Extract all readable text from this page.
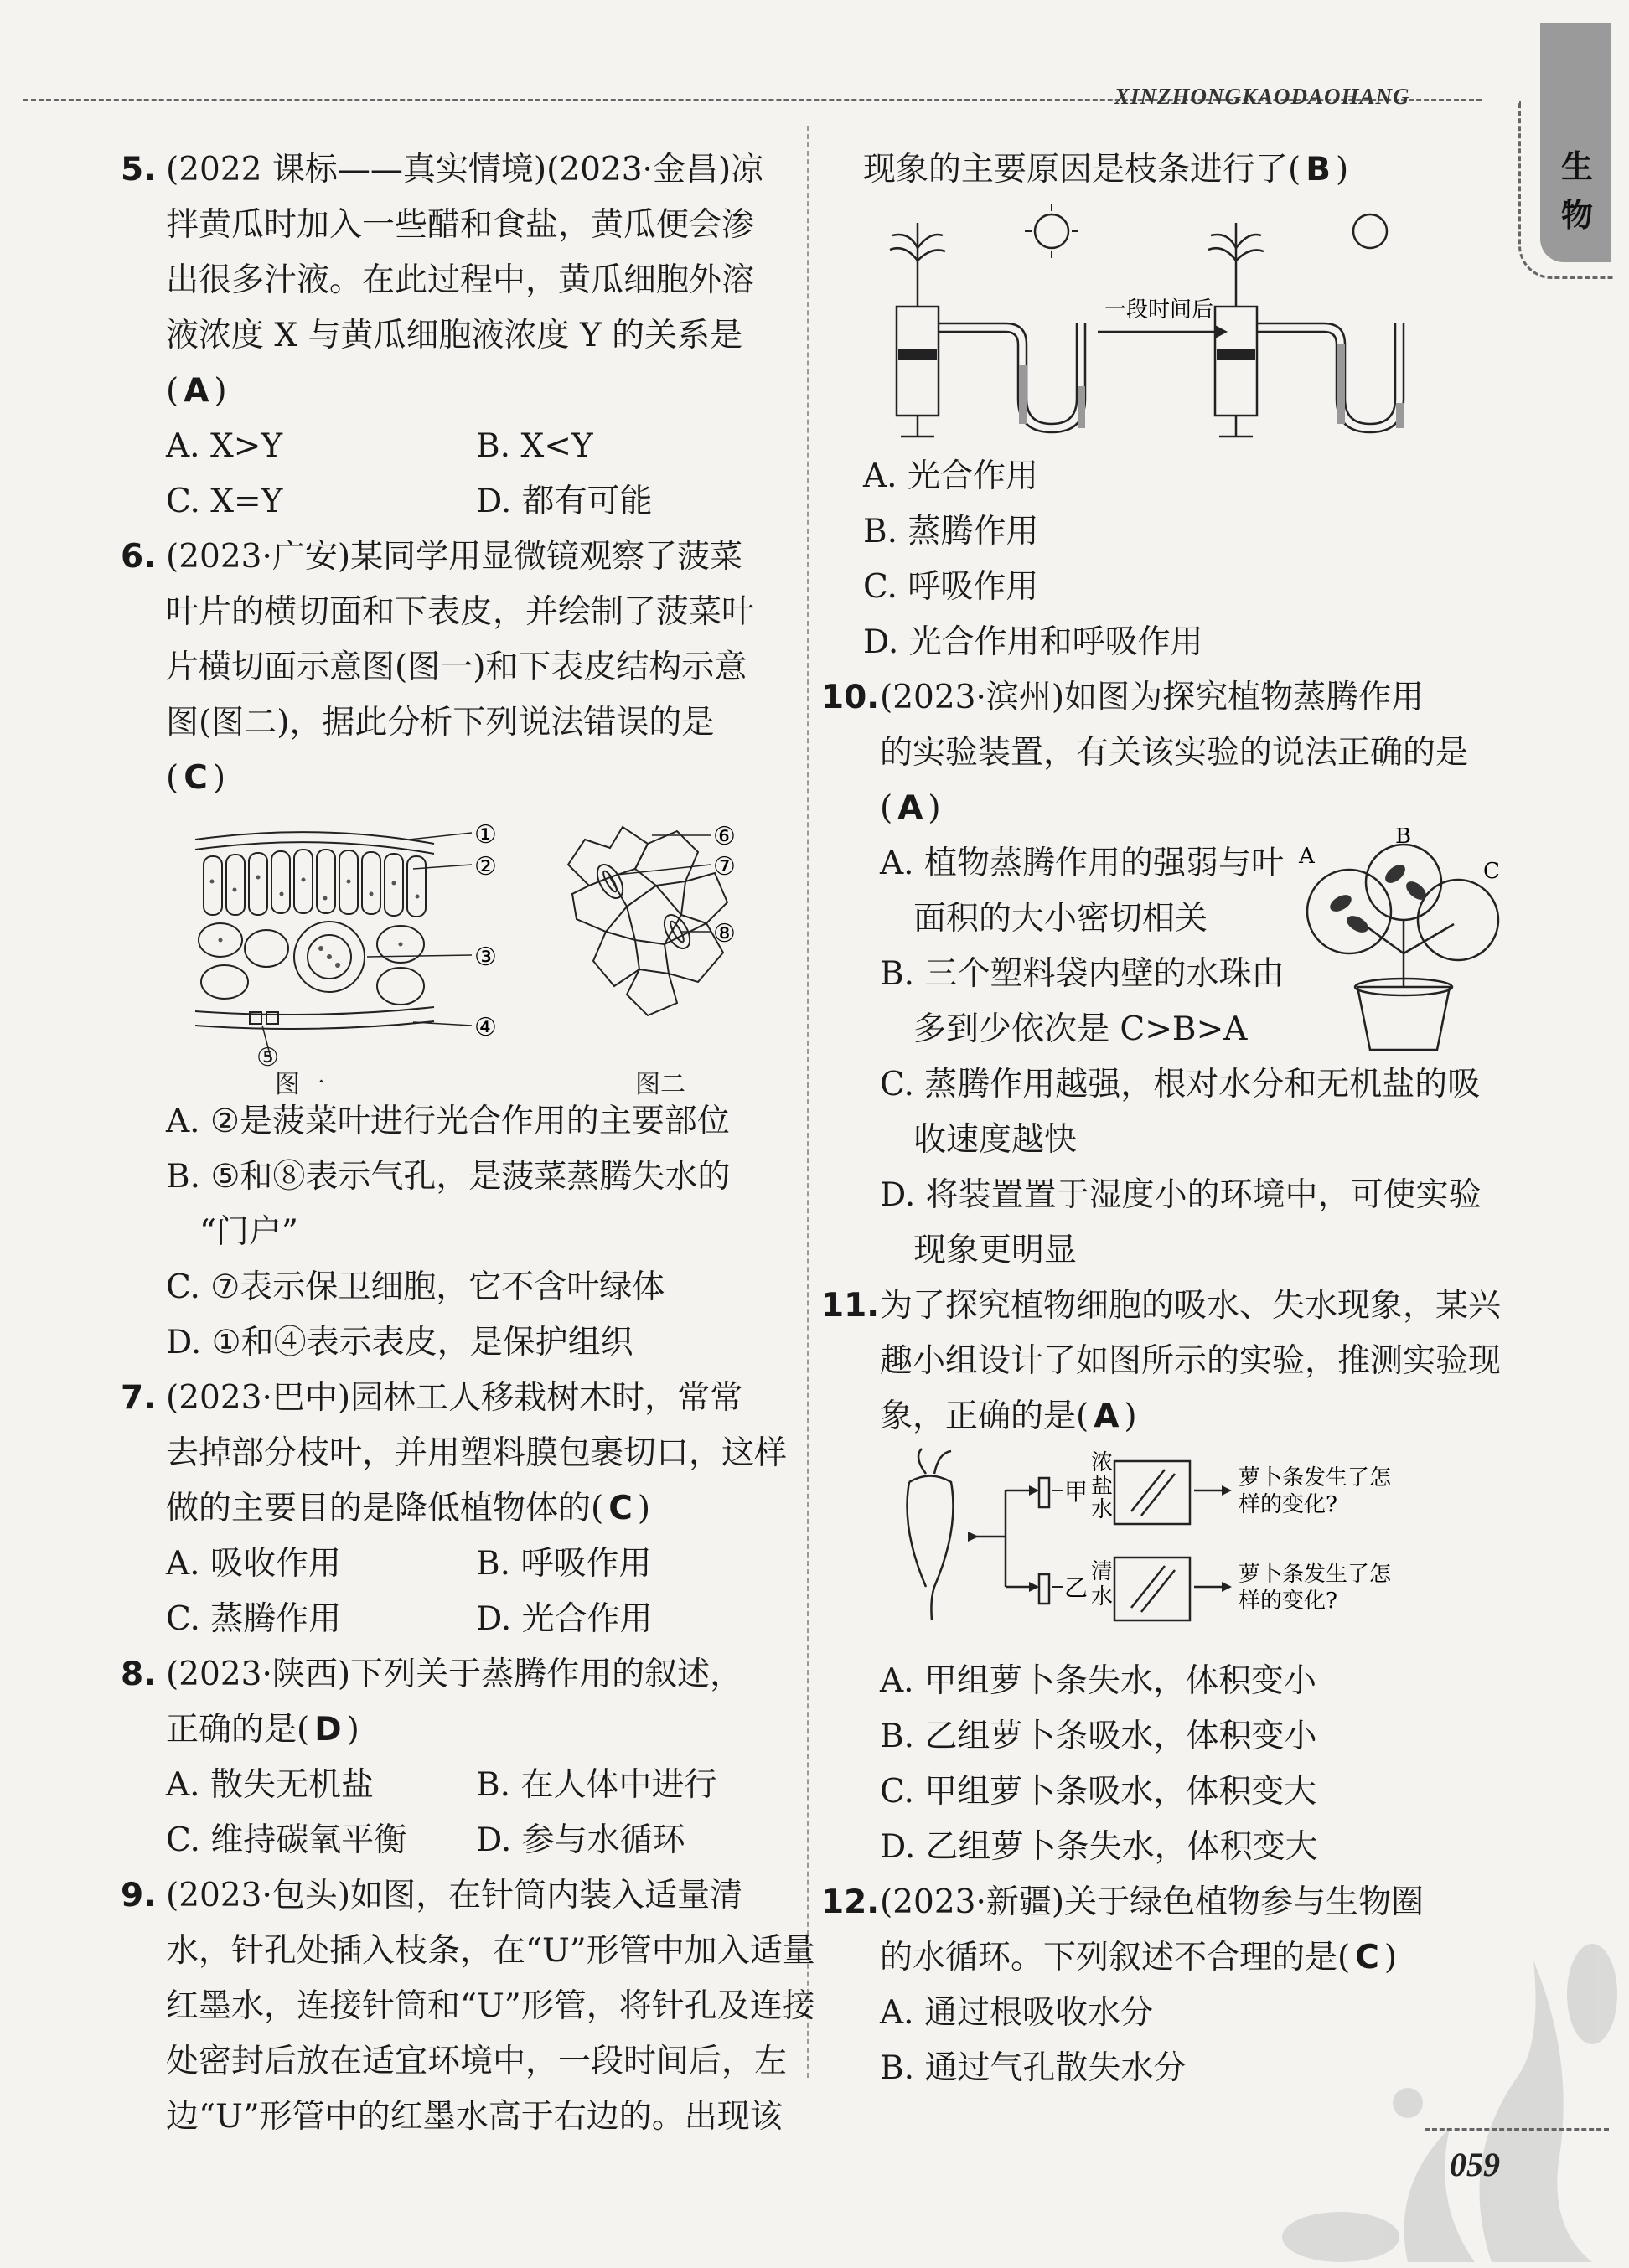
XINZHONGKAODAOHANG
生物
5. (2022 课标——真实情境)(2023·金昌)凉
拌黄瓜时加入一些醋和食盐，黄瓜便会渗
出很多汁液。在此过程中，黄瓜细胞外溶
液浓度 X 与黄瓜细胞液浓度 Y 的关系是
( A )
A. X>Y	B. X<Y
C. X=Y	D. 都有可能
6. (2023·广安)某同学用显微镜观察了菠菜
叶片的横切面和下表皮，并绘制了菠菜叶
片横切面示意图(图一)和下表皮结构示意
图(图二)，据此分析下列说法错误的是
( C )
①
②
③
④
⑥
⑦
⑧
⑤
图一	图二
A. ②是菠菜叶进行光合作用的主要部位
B. ⑤和⑧表示气孔，是菠菜蒸腾失水的
“门户”
C. ⑦表示保卫细胞，它不含叶绿体
D. ①和④表示表皮，是保护组织
7. (2023·巴中)园林工人移栽树木时，常常
去掉部分枝叶，并用塑料膜包裹切口，这样
做的主要目的是降低植物体的( C )
A. 吸收作用	B. 呼吸作用
C. 蒸腾作用	D. 光合作用
8. (2023·陕西)下列关于蒸腾作用的叙述，
正确的是( D )
A. 散失无机盐	B. 在人体中进行
C. 维持碳氧平衡	D. 参与水循环
9. (2023·包头)如图，在针筒内装入适量清
水，针孔处插入枝条，在“U”形管中加入适量
红墨水，连接针筒和“U”形管，将针孔及连接
处密封后放在适宜环境中，一段时间后，左
边“U”形管中的红墨水高于右边的。出现该
现象的主要原因是枝条进行了( B )
一段时间后
A. 光合作用
B. 蒸腾作用
C. 呼吸作用
D. 光合作用和呼吸作用
10. (2023·滨州)如图为探究植物蒸腾作用
的实验装置，有关该实验的说法正确的是
( A )
A
B
C
A. 植物蒸腾作用的强弱与叶
面积的大小密切相关
B. 三个塑料袋内壁的水珠由
多到少依次是 C>B>A
C. 蒸腾作用越强，根对水分和无机盐的吸
收速度越快
D. 将装置置于湿度小的环境中，可使实验
现象更明显
11. 为了探究植物细胞的吸水、失水现象，某兴
趣小组设计了如图所示的实验，推测实验现
象，正确的是( A )
甲
乙
浓
盐
水
清
水
萝卜条发生了怎
样的变化?
萝卜条发生了怎
样的变化?
A. 甲组萝卜条失水，体积变小
B. 乙组萝卜条吸水，体积变小
C. 甲组萝卜条吸水，体积变大
D. 乙组萝卜条失水，体积变大
12. (2023·新疆)关于绿色植物参与生物圈
的水循环。下列叙述不合理的是( C )
A. 通过根吸收水分
B. 通过气孔散失水分
059
